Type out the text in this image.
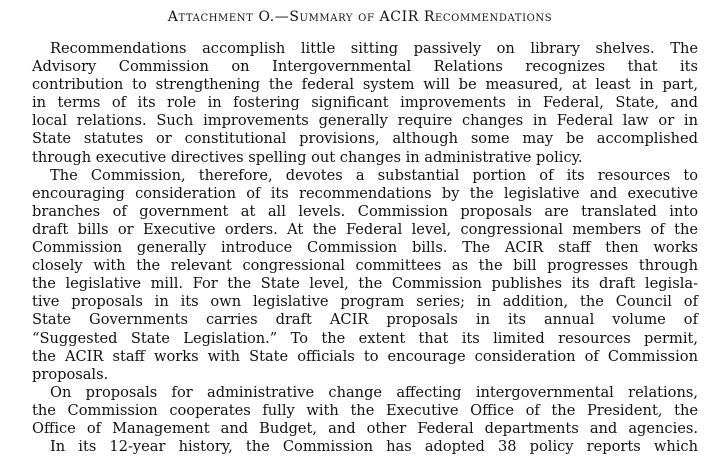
Attachment O.—Summary of ACIR Recommendations
Recommendations accomplish little sitting passively on library shelves. The
Advisory Commission on Intergovernmental Relations recognizes that its
contribution to strengthening the federal system will be measured, at least in part,
in terms of its role in fostering significant improvements in Federal, State, and
local relations. Such improvements generally require changes in Federal law or in
State statutes or constitutional provisions, although some may be accomplished
through executive directives spelling out changes in administrative policy.
The Commission, therefore, devotes a substantial portion of its resources to
encouraging consideration of its recommendations by the legislative and executive
branches of government at all levels. Commission proposals are translated into
draft bills or Executive orders. At the Federal level, congressional members of the
Commission generally introduce Commission bills. The ACIR staff then works
closely with the relevant congressional committees as the bill progresses through
the legislative mill. For the State level, the Commission publishes its draft legisla-
tive proposals in its own legislative program series; in addition, the Council of
State Governments carries draft ACIR proposals in its annual volume of
“Suggested State Legislation.” To the extent that its limited resources permit,
the ACIR staff works with State officials to encourage consideration of Commission
proposals.
On proposals for administrative change affecting intergovernmental relations,
the Commission cooperates fully with the Executive Office of the President, the
Office of Management and Budget, and other Federal departments and agencies.
In its 12-year history, the Commission has adopted 38 policy reports which
